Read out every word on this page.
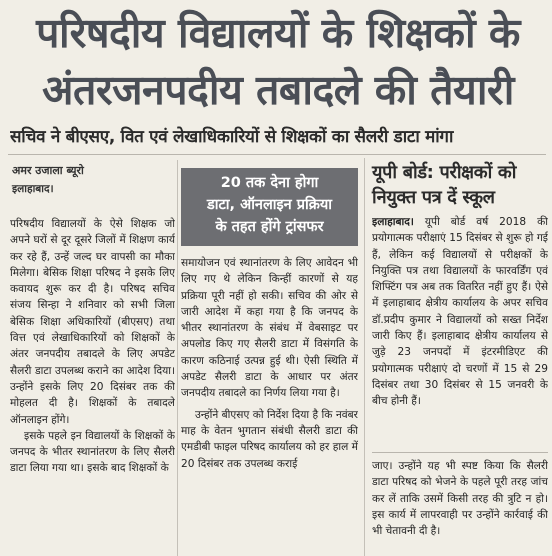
परिषदीय विद्यालयों के शिक्षकों के
अंतरजनपदीय तबादले की तैयारी
सचिव ने बीएसए, वित एवं लेखाधिकारियों से शिक्षकों का सैलरी डाटा मांगा
अमर उजाला ब्यूरो
इलाहाबाद।

परिषदीय विद्यालयों के ऐसे शिक्षक जो अपने घरों से दूर दूसरे जिलों में शिक्षण कार्य कर रहे हैं, उन्हें जल्द घर वापसी का मौका मिलेगा। बेसिक शिक्षा परिषद ने इसके लिए कवायद शुरू कर दी है। परिषद सचिव संजय सिन्हा ने शनिवार को सभी जिला बेसिक शिक्षा अधिकारियों (बीएसए) तथा वित्त एवं लेखाधिकारियों को शिक्षकों के अंतर जनपदीय तबादले के लिए अपडेट सैलरी डाटा उपलब्ध कराने का आदेश दिया। उन्होंने इसके लिए 20 दिसंबर तक की मोहलत दी है। शिक्षकों के तबादले ऑनलाइन होंगे।

इसके पहले इन विद्यालयों के शिक्षकों के जनपद के भीतर स्थानांतरण के लिए सैलरी डाटा लिया गया था। इसके बाद शिक्षकों के

20 तक देना होगा
डाटा, ऑनलाइन प्रक्रिया
के तहत होंगे ट्रांसफर

समायोजन एवं स्थानांतरण के लिए आवेदन भी लिए गए थे लेकिन किन्हीं कारणों से यह प्रक्रिया पूरी नहीं हो सकी। सचिव की ओर से जारी आदेश में कहा गया है कि जनपद के भीतर स्थानांतरण के संबंध में वेबसाइट पर अपलोड किए गए सैलरी डाटा में विसंगति के कारण कठिनाई उत्पन्न हुई थी। ऐसी स्थिति में अपडेट सैलरी डाटा के आधार पर अंतर जनपदीय तबादले का निर्णय लिया गया है।

उन्होंने बीएसए को निर्देश दिया है कि नवंबर माह के वेतन भुगतान संबंधी सैलरी डाटा की एमडीबी फाइल परिषद कार्यालय को हर हाल में 20 दिसंबर तक उपलब्ध कराई

यूपी बोर्ड: परीक्षकों को
नियुक्त पत्र दें स्कूल

इलाहाबाद। यूपी बोर्ड वर्ष 2018 की प्रयोगात्मक परीक्षाएं 15 दिसंबर से शुरू हो गई हैं, लेकिन कई विद्यालयों से परीक्षकों के नियुक्ति पत्र तथा विद्यालयों के फारवर्डिंग एवं शिफ्टिंग पत्र अब तक वितरित नहीं हुए हैं। ऐसे में इलाहाबाद क्षेत्रीय कार्यालय के अपर सचिव डॉ.प्रदीप कुमार ने विद्यालयों को सख्त निर्देश जारी किए हैं। इलाहाबाद क्षेत्रीय कार्यालय से जुड़े 23 जनपदों में इंटरमीडिएट की प्रयोगात्मक परीक्षाएं दो चरणों में 15 से 29 दिसंबर तथा 30 दिसंबर से 15 जनवरी के बीच होनी हैं।

जाए। उन्होंने यह भी स्पष्ट किया कि सैलरी डाटा परिषद को भेजने के पहले पूरी तरह जांच कर लें ताकि उसमें किसी तरह की त्रुटि न हो। इस कार्य में लापरवाही पर उन्होंने कार्रवाई की भी चेतावनी दी है।
